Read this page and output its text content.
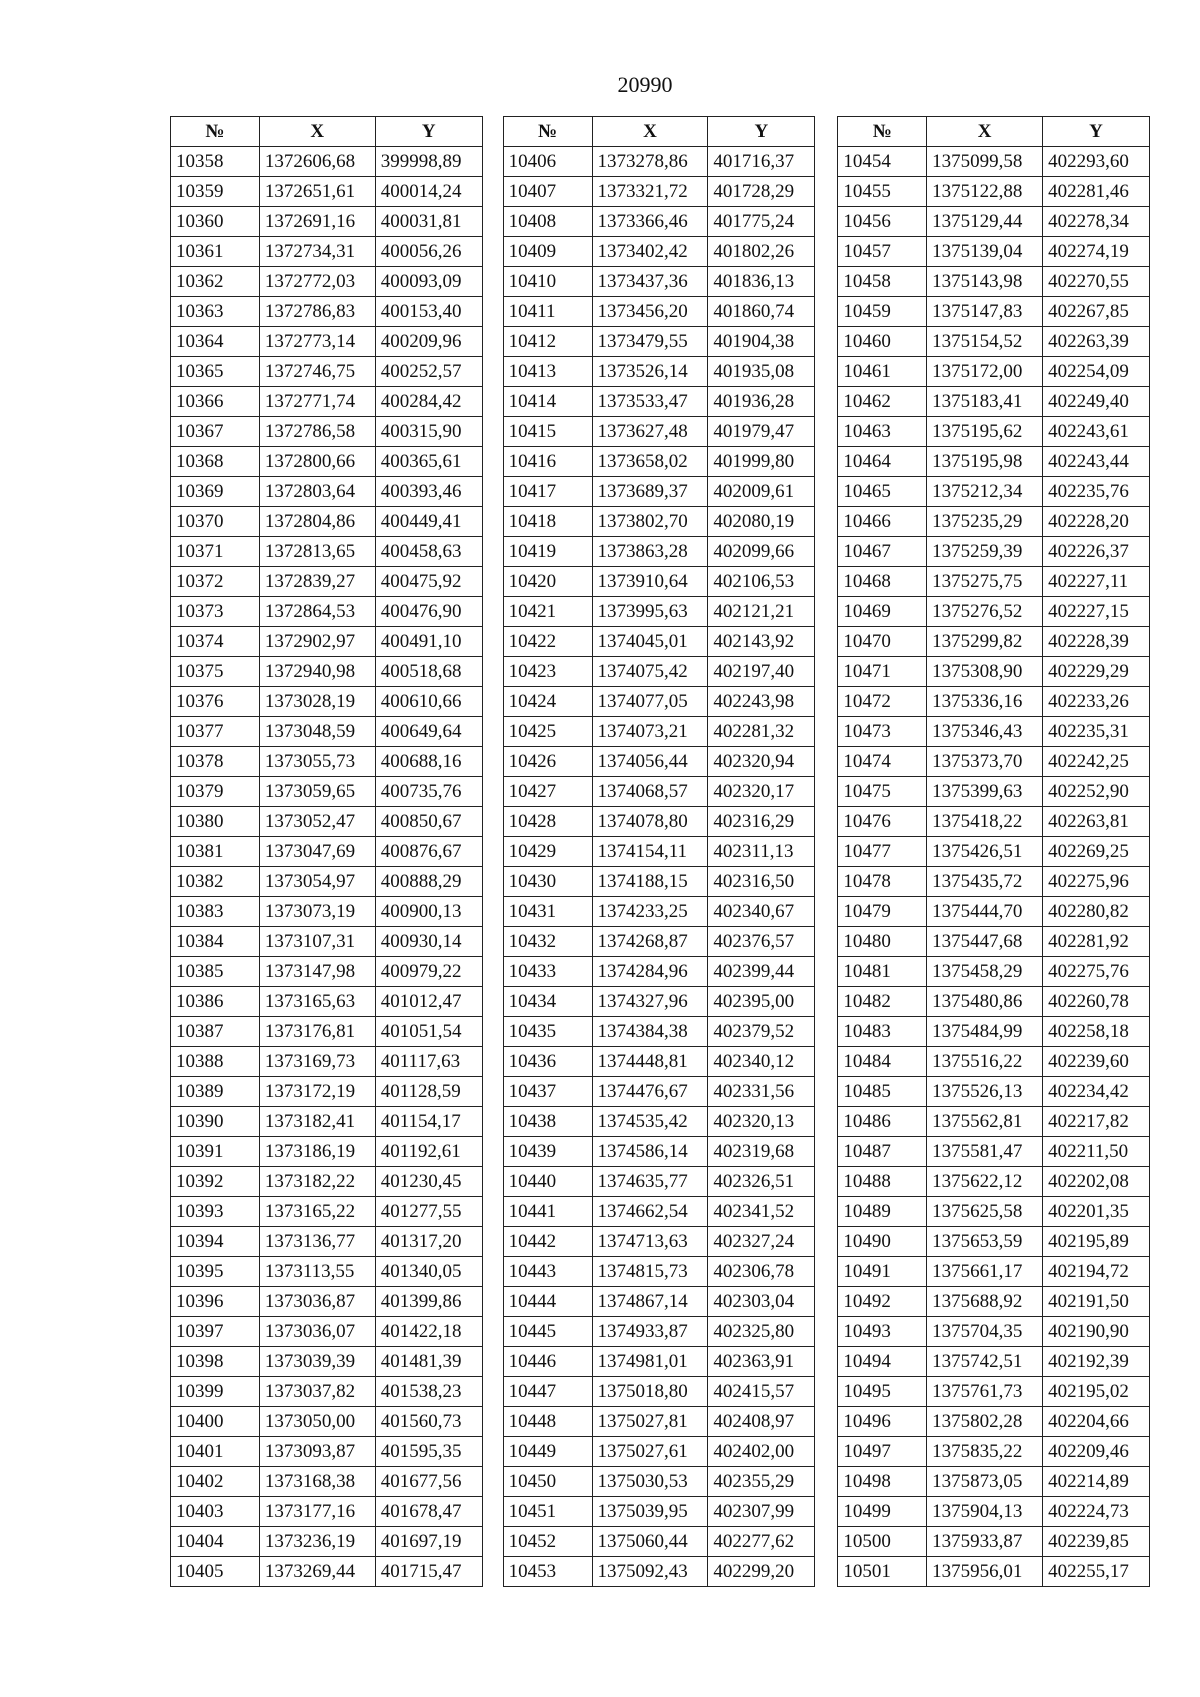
20990
№	X	Y
10358	1372606,68	399998,89
10359	1372651,61	400014,24
10360	1372691,16	400031,81
10361	1372734,31	400056,26
10362	1372772,03	400093,09
10363	1372786,83	400153,40
10364	1372773,14	400209,96
10365	1372746,75	400252,57
10366	1372771,74	400284,42
10367	1372786,58	400315,90
10368	1372800,66	400365,61
10369	1372803,64	400393,46
10370	1372804,86	400449,41
10371	1372813,65	400458,63
10372	1372839,27	400475,92
10373	1372864,53	400476,90
10374	1372902,97	400491,10
10375	1372940,98	400518,68
10376	1373028,19	400610,66
10377	1373048,59	400649,64
10378	1373055,73	400688,16
10379	1373059,65	400735,76
10380	1373052,47	400850,67
10381	1373047,69	400876,67
10382	1373054,97	400888,29
10383	1373073,19	400900,13
10384	1373107,31	400930,14
10385	1373147,98	400979,22
10386	1373165,63	401012,47
10387	1373176,81	401051,54
10388	1373169,73	401117,63
10389	1373172,19	401128,59
10390	1373182,41	401154,17
10391	1373186,19	401192,61
10392	1373182,22	401230,45
10393	1373165,22	401277,55
10394	1373136,77	401317,20
10395	1373113,55	401340,05
10396	1373036,87	401399,86
10397	1373036,07	401422,18
10398	1373039,39	401481,39
10399	1373037,82	401538,23
10400	1373050,00	401560,73
10401	1373093,87	401595,35
10402	1373168,38	401677,56
10403	1373177,16	401678,47
10404	1373236,19	401697,19
10405	1373269,44	401715,47
№	X	Y
10406	1373278,86	401716,37
10407	1373321,72	401728,29
10408	1373366,46	401775,24
10409	1373402,42	401802,26
10410	1373437,36	401836,13
10411	1373456,20	401860,74
10412	1373479,55	401904,38
10413	1373526,14	401935,08
10414	1373533,47	401936,28
10415	1373627,48	401979,47
10416	1373658,02	401999,80
10417	1373689,37	402009,61
10418	1373802,70	402080,19
10419	1373863,28	402099,66
10420	1373910,64	402106,53
10421	1373995,63	402121,21
10422	1374045,01	402143,92
10423	1374075,42	402197,40
10424	1374077,05	402243,98
10425	1374073,21	402281,32
10426	1374056,44	402320,94
10427	1374068,57	402320,17
10428	1374078,80	402316,29
10429	1374154,11	402311,13
10430	1374188,15	402316,50
10431	1374233,25	402340,67
10432	1374268,87	402376,57
10433	1374284,96	402399,44
10434	1374327,96	402395,00
10435	1374384,38	402379,52
10436	1374448,81	402340,12
10437	1374476,67	402331,56
10438	1374535,42	402320,13
10439	1374586,14	402319,68
10440	1374635,77	402326,51
10441	1374662,54	402341,52
10442	1374713,63	402327,24
10443	1374815,73	402306,78
10444	1374867,14	402303,04
10445	1374933,87	402325,80
10446	1374981,01	402363,91
10447	1375018,80	402415,57
10448	1375027,81	402408,97
10449	1375027,61	402402,00
10450	1375030,53	402355,29
10451	1375039,95	402307,99
10452	1375060,44	402277,62
10453	1375092,43	402299,20
№	X	Y
10454	1375099,58	402293,60
10455	1375122,88	402281,46
10456	1375129,44	402278,34
10457	1375139,04	402274,19
10458	1375143,98	402270,55
10459	1375147,83	402267,85
10460	1375154,52	402263,39
10461	1375172,00	402254,09
10462	1375183,41	402249,40
10463	1375195,62	402243,61
10464	1375195,98	402243,44
10465	1375212,34	402235,76
10466	1375235,29	402228,20
10467	1375259,39	402226,37
10468	1375275,75	402227,11
10469	1375276,52	402227,15
10470	1375299,82	402228,39
10471	1375308,90	402229,29
10472	1375336,16	402233,26
10473	1375346,43	402235,31
10474	1375373,70	402242,25
10475	1375399,63	402252,90
10476	1375418,22	402263,81
10477	1375426,51	402269,25
10478	1375435,72	402275,96
10479	1375444,70	402280,82
10480	1375447,68	402281,92
10481	1375458,29	402275,76
10482	1375480,86	402260,78
10483	1375484,99	402258,18
10484	1375516,22	402239,60
10485	1375526,13	402234,42
10486	1375562,81	402217,82
10487	1375581,47	402211,50
10488	1375622,12	402202,08
10489	1375625,58	402201,35
10490	1375653,59	402195,89
10491	1375661,17	402194,72
10492	1375688,92	402191,50
10493	1375704,35	402190,90
10494	1375742,51	402192,39
10495	1375761,73	402195,02
10496	1375802,28	402204,66
10497	1375835,22	402209,46
10498	1375873,05	402214,89
10499	1375904,13	402224,73
10500	1375933,87	402239,85
10501	1375956,01	402255,17
